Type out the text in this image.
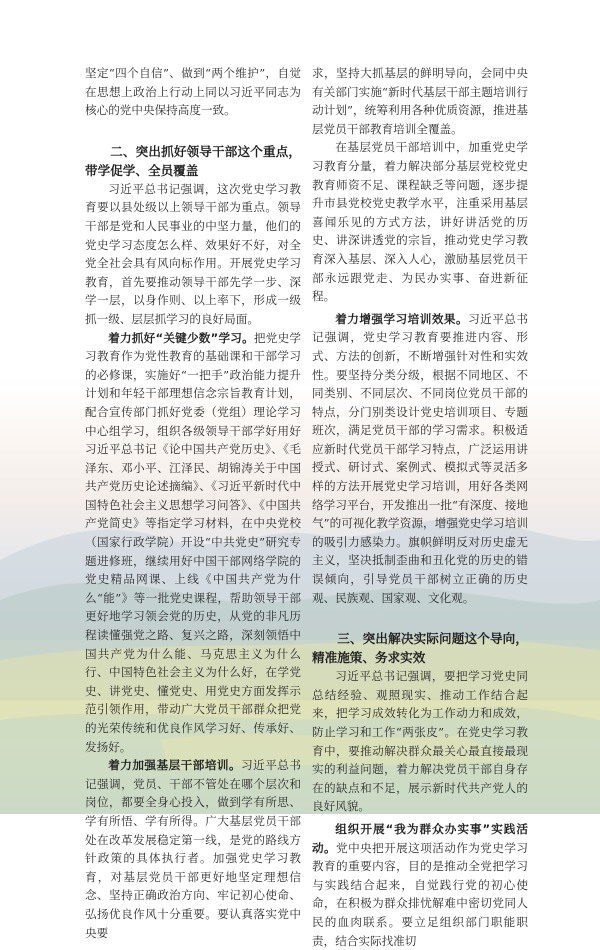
坚定“四个自信”、做到“两个维护”，自觉在思想上政治上行动上同以习近平同志为核心的党中央保持高度一致。

二、突出抓好领导干部这个重点，带学促学、全员覆盖

习近平总书记强调，这次党史学习教育要以县处级以上领导干部为重点。领导干部是党和人民事业的中坚力量，他们的党史学习态度怎么样、效果好不好，对全党全社会具有风向标作用。开展党史学习教育，首先要推动领导干部先学一步、深学一层，以身作则、以上率下，形成一级抓一级、层层抓学习的良好局面。

着力抓好“关键少数”学习。把党史学习教育作为党性教育的基础课和干部学习的必修课，实施好“一把手”政治能力提升计划和年轻干部理想信念宗旨教育计划，配合宣传部门抓好党委（党组）理论学习中心组学习，组织各级领导干部学好用好习近平总书记《论中国共产党历史》、《毛泽东、邓小平、江泽民、胡锦涛关于中国共产党历史论述摘编》、《习近平新时代中国特色社会主义思想学习问答》、《中国共产党简史》等指定学习材料，在中央党校（国家行政学院）开设“中共党史”研究专题进修班，继续用好中国干部网络学院的党史精品网课、上线《中国共产党为什么“能”》等一批党史课程，帮助领导干部更好地学习领会党的历史，从党的非凡历程读懂强党之路、复兴之路，深刻领悟中国共产党为什么能、马克思主义为什么行、中国特色社会主义为什么好，在学党史、讲党史、懂党史、用党史方面发挥示范引领作用，带动广大党员干部群众把党的光荣传统和优良作风学习好、传承好、发扬好。

着力加强基层干部培训。习近平总书记强调，党员、干部不管处在哪个层次和岗位，都要全身心投入，做到学有所思、学有所悟、学有所得。广大基层党员干部处在改革发展稳定第一线，是党的路线方针政策的具体执行者。加强党史学习教育，对基层党员干部更好地坚定理想信念、坚持正确政治方向、牢记初心使命、弘扬优良作风十分重要。要认真落实党中央要

求，坚持大抓基层的鲜明导向，会同中央有关部门实施“新时代基层干部主题培训行动计划”，统筹利用各种优质资源，推进基层党员干部教育培训全覆盖。

在基层党员干部培训中，加重党史学习教育分量，着力解决部分基层党校党史教育师资不足、课程缺乏等问题，逐步提升市县党校党史教学水平，注重采用基层喜闻乐见的方式方法，讲好讲活党的历史、讲深讲透党的宗旨，推动党史学习教育深入基层、深入人心，激励基层党员干部永远跟党走、为民办实事、奋进新征程。

着力增强学习培训效果。习近平总书记强调，党史学习教育要推进内容、形式、方法的创新，不断增强针对性和实效性。要坚持分类分级，根据不同地区、不同类别、不同层次、不同岗位党员干部的特点，分门别类设计党史培训项目、专题班次，满足党员干部的学习需求。积极适应新时代党员干部学习特点，广泛运用讲授式、研讨式、案例式、模拟式等灵活多样的方法开展党史学习培训，用好各类网络学习平台，开发推出一批“有深度、接地气”的可视化教学资源，增强党史学习培训的吸引力感染力。旗帜鲜明反对历史虚无主义，坚决抵制歪曲和丑化党的历史的错误倾向，引导党员干部树立正确的历史观、民族观、国家观、文化观。

三、突出解决实际问题这个导向，精准施策、务求实效

习近平总书记强调，要把学习党史同总结经验、观照现实、推动工作结合起来，把学习成效转化为工作动力和成效，防止学习和工作“两张皮”。在党史学习教育中，要推动解决群众最关心最直接最现实的利益问题，着力解决党员干部自身存在的缺点和不足，展示新时代共产党人的良好风貌。

组织开展“我为群众办实事”实践活动。党中央把开展这项活动作为党史学习教育的重要内容，目的是推动全党把学习与实践结合起来，自觉践行党的初心使命，在积极为群众排忧解难中密切党同人民的血肉联系。要立足组织部门职能职责，结合实际找准切
